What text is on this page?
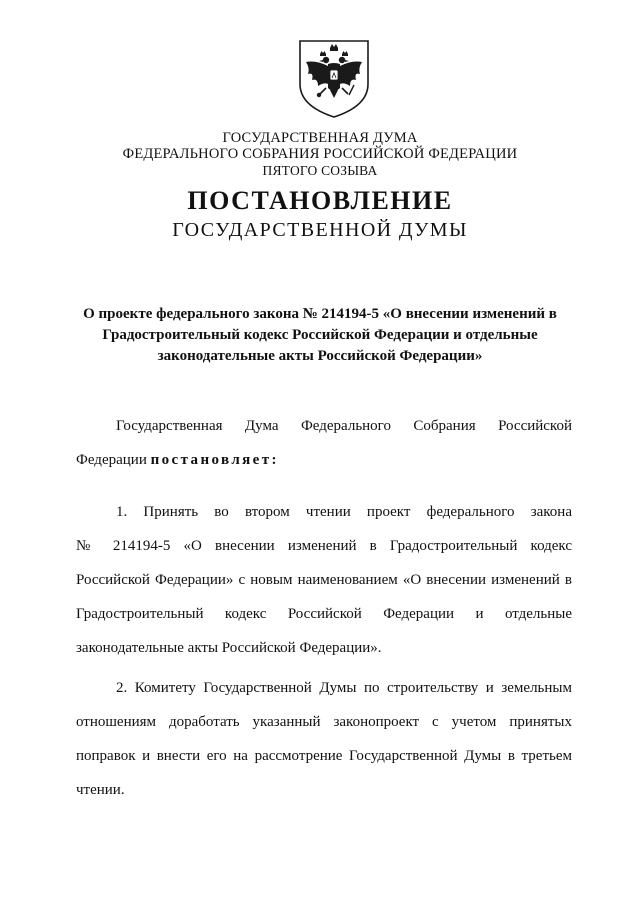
ГОСУДАРСТВЕННАЯ ДУМА
ФЕДЕРАЛЬНОГО СОБРАНИЯ РОССИЙСКОЙ ФЕДЕРАЦИИ
ПЯТОГО СОЗЫВА
ПОСТАНОВЛЕНИЕ
ГОСУДАРСТВЕННОЙ ДУМЫ
О проекте федерального закона № 214194-5 «О внесении изменений в
Градостроительный кодекс Российской Федерации и отдельные
законодательные акты Российской Федерации»
Государственная Дума Федерального Собрания Российской
Федерации постановляет:
1. Принять во втором чтении проект федерального закона
№ 214194-5 «О внесении изменений в Градостроительный кодекс
Российской Федерации» с новым наименованием «О внесении изменений в
Градостроительный кодекс Российской Федерации и отдельные
законодательные акты Российской Федерации».
2. Комитету Государственной Думы по строительству и земельным
отношениям доработать указанный законопроект с учетом принятых
поправок и внести его на рассмотрение Государственной Думы в третьем
чтении.
